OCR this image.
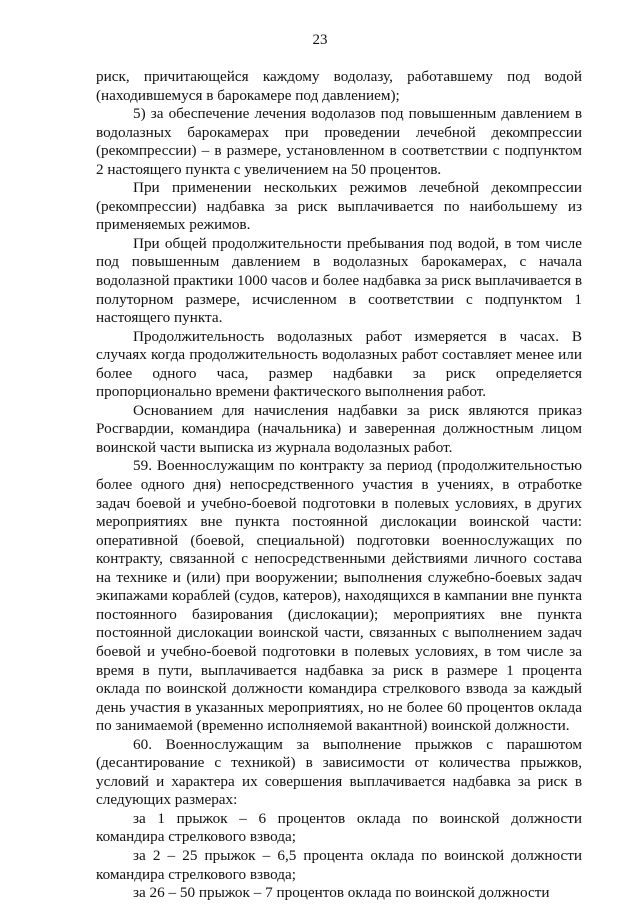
23

риск, причитающейся каждому водолазу, работавшему под водой (находившемуся в барокамере под давлением);

5) за обеспечение лечения водолазов под повышенным давлением в водолазных барокамерах при проведении лечебной декомпрессии (рекомпрессии) – в размере, установленном в соответствии с подпунктом 2 настоящего пункта с увеличением на 50 процентов.

При применении нескольких режимов лечебной декомпрессии (рекомпрессии) надбавка за риск выплачивается по наибольшему из применяемых режимов.

При общей продолжительности пребывания под водой, в том числе под повышенным давлением в водолазных барокамерах, с начала водолазной практики 1000 часов и более надбавка за риск выплачивается в полуторном размере, исчисленном в соответствии с подпунктом 1 настоящего пункта.

Продолжительность водолазных работ измеряется в часах. В случаях когда продолжительность водолазных работ составляет менее или более одного часа, размер надбавки за риск определяется пропорционально времени фактического выполнения работ.

Основанием для начисления надбавки за риск являются приказ Росгвардии, командира (начальника) и заверенная должностным лицом воинской части выписка из журнала водолазных работ.

59. Военнослужащим по контракту за период (продолжительностью более одного дня) непосредственного участия в учениях, в отработке задач боевой и учебно-боевой подготовки в полевых условиях, в других мероприятиях вне пункта постоянной дислокации воинской части: оперативной (боевой, специальной) подготовки военнослужащих по контракту, связанной с непосредственными действиями личного состава на технике и (или) при вооружении; выполнения служебно-боевых задач экипажами кораблей (судов, катеров), находящихся в кампании вне пункта постоянного базирования (дислокации); мероприятиях вне пункта постоянной дислокации воинской части, связанных с выполнением задач боевой и учебно-боевой подготовки в полевых условиях, в том числе за время в пути, выплачивается надбавка за риск в размере 1 процента оклада по воинской должности командира стрелкового взвода за каждый день участия в указанных мероприятиях, но не более 60 процентов оклада по занимаемой (временно исполняемой вакантной) воинской должности.

60. Военнослужащим за выполнение прыжков с парашютом (десантирование с техникой) в зависимости от количества прыжков, условий и характера их совершения выплачивается надбавка за риск в следующих размерах:

за 1 прыжок – 6 процентов оклада по воинской должности командира стрелкового взвода;

за 2 – 25 прыжок – 6,5 процента оклада по воинской должности командира стрелкового взвода;

за 26 – 50 прыжок – 7 процентов оклада по воинской должности
